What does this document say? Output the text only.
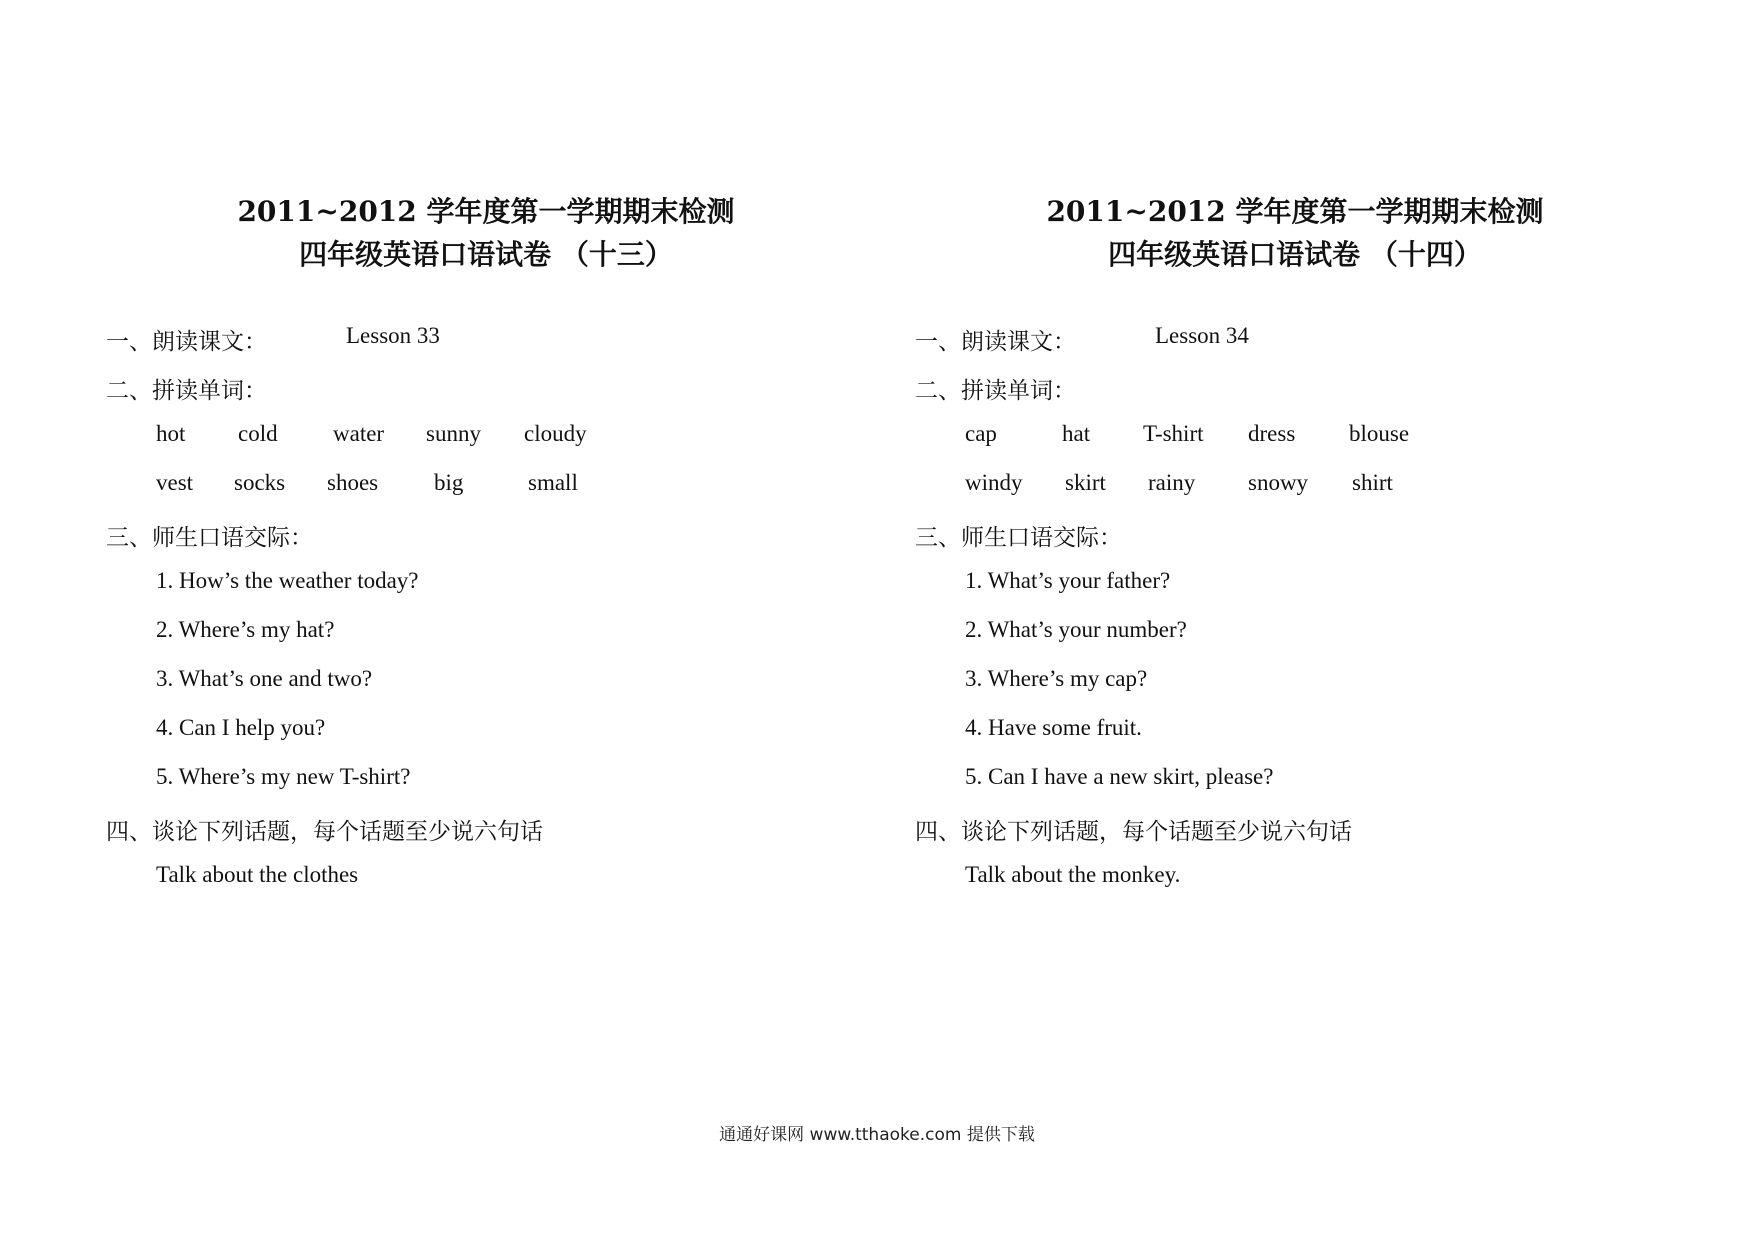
2011~2012 学年度第一学期期末检测
四年级英语口语试卷 （十三）
一、朗读课文：	Lesson 33
二、拼读单词：
hot cold water sunny cloudy
vest socks shoes big	small
三、师生口语交际：
1. How’s the weather today?
2. Where’s my hat?
3. What’s one and two?
4. Can I help you?
5. Where’s my new T-shirt?
四、谈论下列话题，每个话题至少说六句话
Talk about the clothes
2011~2012 学年度第一学期期末检测
四年级英语口语试卷 （十四）
一、朗读课文：	Lesson 34
二、拼读单词：
cap	hat T-shirt dress blouse
windy skirt rainy snowy shirt
三、师生口语交际：
1. What’s your father?
2. What’s your number?
3. Where’s my cap?
4. Have some fruit.
5. Can I have a new skirt, please?
四、谈论下列话题，每个话题至少说六句话
Talk about the monkey.
通通好课网 www.tthaoke.com 提供下载
